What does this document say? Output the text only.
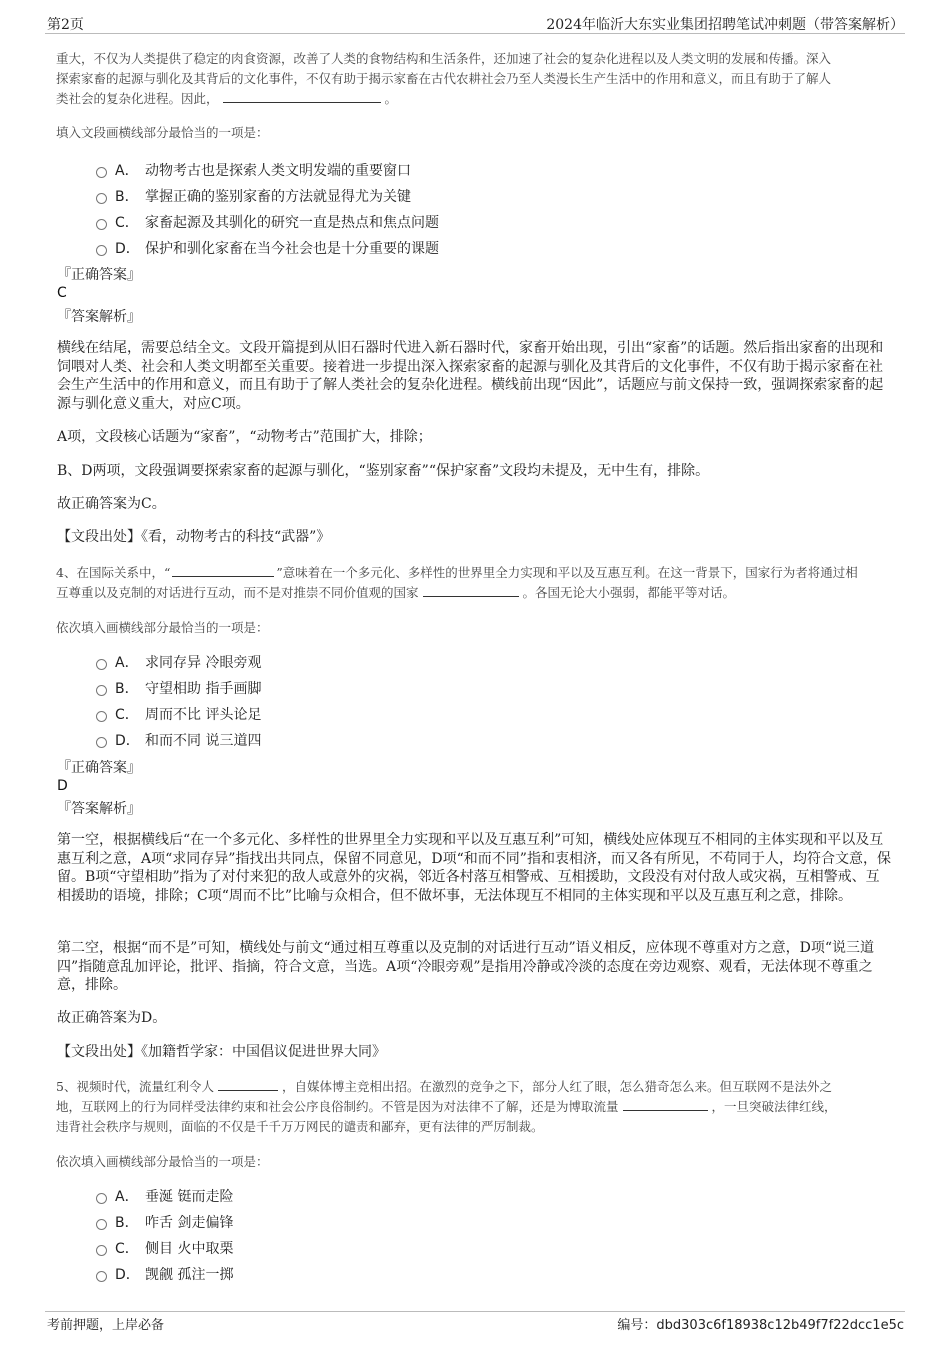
第2页	2024年临沂大东实业集团招聘笔试冲刺题（带答案解析）
重大，不仅为人类提供了稳定的肉食资源，改善了人类的食物结构和生活条件，还加速了社会的复杂化进程以及人类文明的发展和传播。深入
探索家畜的起源与驯化及其背后的文化事件，不仅有助于揭示家畜在古代农耕社会乃至人类漫长生产生活中的作用和意义，而且有助于了解人
类社会的复杂化进程。因此，	。
填入文段画横线部分最恰当的一项是：
A． 动物考古也是探索人类文明发端的重要窗口
B． 掌握正确的鉴别家畜的方法就显得尤为关键
C． 家畜起源及其驯化的研究一直是热点和焦点问题
D． 保护和驯化家畜在当今社会也是十分重要的课题
『正确答案』
C
『答案解析』
横线在结尾，需要总结全文。文段开篇提到从旧石器时代进入新石器时代，家畜开始出现，引出“家畜”的话题。然后指出家畜的出现和饲喂对人类、社会和人类文明都至关重要。接着进一步提出深入探索家畜的起源与驯化及其背后的文化事件，不仅有助于揭示家畜在社会生产生活中的作用和意义，而且有助于了解人类社会的复杂化进程。横线前出现“因此”，话题应与前文保持一致，强调探索家畜的起源与驯化意义重大，对应C项。
A项，文段核心话题为“家畜”，“动物考古”范围扩大，排除；
B、D两项，文段强调要探索家畜的起源与驯化，“鉴别家畜”“保护家畜”文段均未提及，无中生有，排除。
故正确答案为C。
【文段出处】《看，动物考古的科技“武器”》
4、在国际关系中，“	”意味着在一个多元化、多样性的世界里全力实现和平以及互惠互利。在这一背景下，国家行为者将通过相
互尊重以及克制的对话进行互动，而不是对推崇不同价值观的国家	。各国无论大小强弱，都能平等对话。
依次填入画横线部分最恰当的一项是：
A． 求同存异 冷眼旁观
B． 守望相助 指手画脚
C． 周而不比 评头论足
D． 和而不同 说三道四
『正确答案』
D
『答案解析』
第一空，根据横线后“在一个多元化、多样性的世界里全力实现和平以及互惠互利”可知，横线处应体现互不相同的主体实现和平以及互惠互利之意，A项“求同存异”指找出共同点，保留不同意见，D项“和而不同”指和衷相济，而又各有所见，不苟同于人，均符合文意，保留。B项“守望相助”指为了对付来犯的敌人或意外的灾祸，邻近各村落互相警戒、互相援助，文段没有对付敌人或灾祸，互相警戒、互相援助的语境，排除；C项“周而不比”比喻与众相合，但不做坏事，无法体现互不相同的主体实现和平以及互惠互利之意，排除。
第二空，根据“而不是”可知，横线处与前文“通过相互尊重以及克制的对话进行互动”语义相反，应体现不尊重对方之意，D项“说三道四”指随意乱加评论，批评、指摘，符合文意，当选。A项“冷眼旁观”是指用冷静或冷淡的态度在旁边观察、观看，无法体现不尊重之意，排除。
故正确答案为D。
【文段出处】《加籍哲学家：中国倡议促进世界大同》
5、视频时代，流量红利令人	，自媒体博主竞相出招。在激烈的竞争之下，部分人红了眼，怎么猎奇怎么来。但互联网不是法外之
地，互联网上的行为同样受法律约束和社会公序良俗制约。不管是因为对法律不了解，还是为博取流量	，一旦突破法律红线，
违背社会秩序与规则，面临的不仅是千千万万网民的谴责和鄙弃，更有法律的严厉制裁。
依次填入画横线部分最恰当的一项是：
A． 垂涎 铤而走险
B． 咋舌 剑走偏锋
C． 侧目 火中取栗
D． 觊觎 孤注一掷
考前押题，上岸必备	编号：dbd303c6f18938c12b49f7f22dcc1e5c
